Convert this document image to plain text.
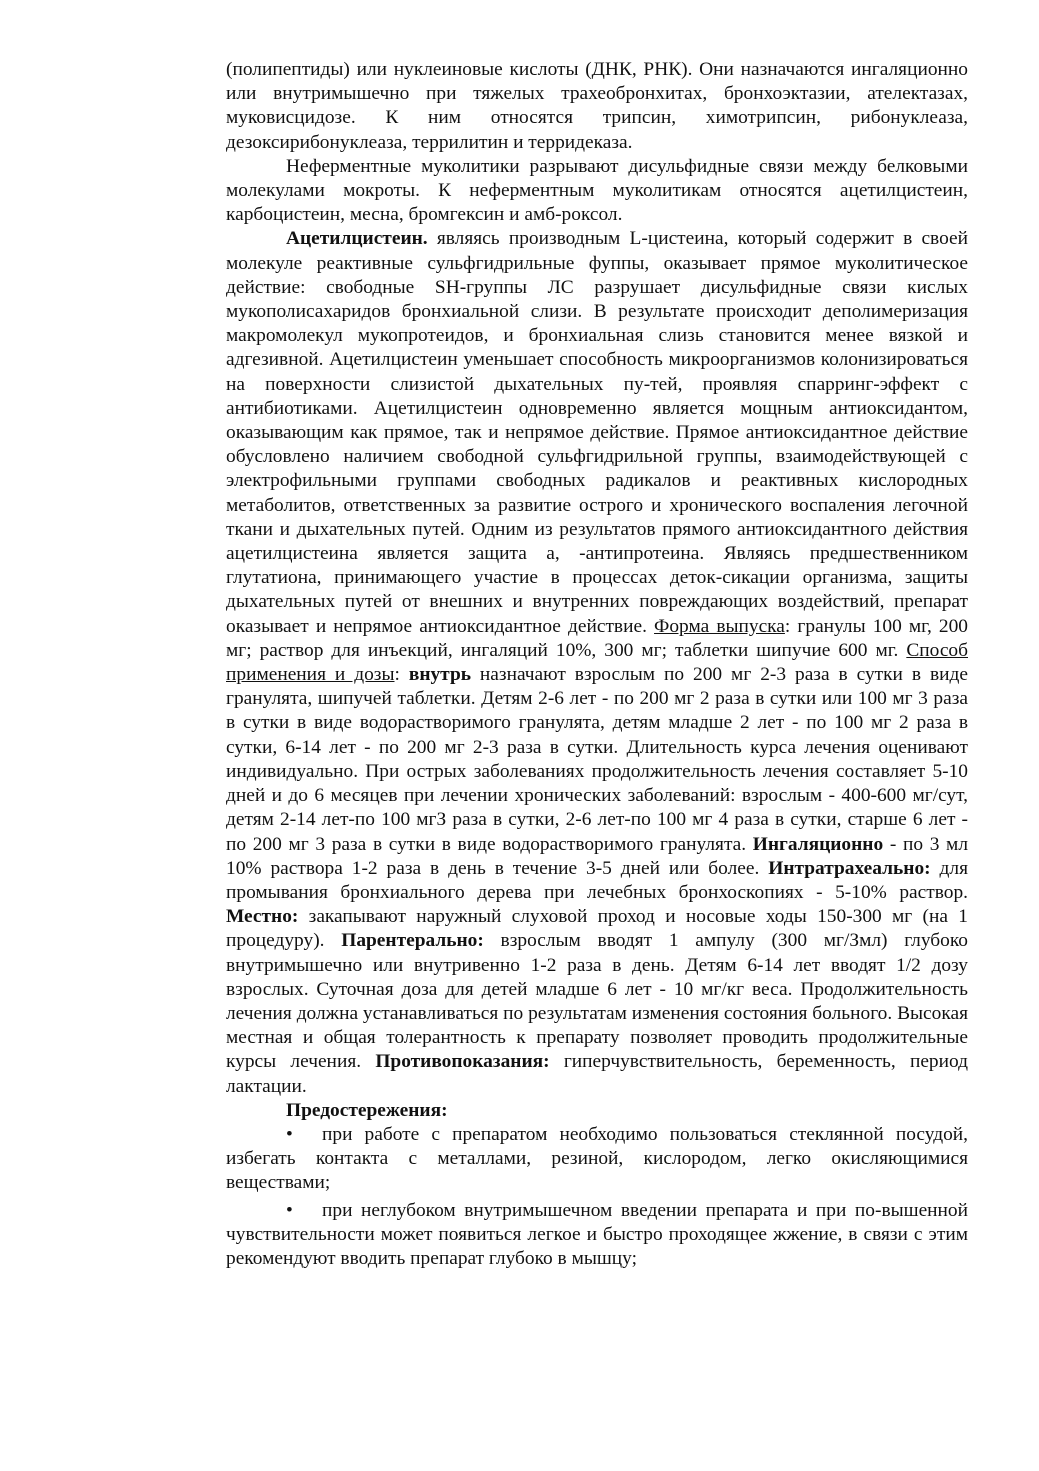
(полипептиды) или нуклеиновые кислоты (ДНК, РНК). Они назначаются ингаляционно или внутримышечно при тяжелых трахеобронхитах, бронхоэктазии, ателектазах, муковисцидозе. К ним относятся трипсин, химотрипсин, рибонуклеаза, дезоксирибонуклеаза, террилитин и терридеказа.

Неферментные муколитики разрывают дисульфидные связи между белковыми молекулами мокроты. К неферментным муколитикам относятся ацетилцистеин, карбоцистеин, месна, бромгексин и амб-роксол.

Ацетилцистеин. являясь производным L-цистеина, который содержит в своей молекуле реактивные сульфгидрильные фуппы, оказывает прямое муколитическое действие: свободные SH-группы ЛС разрушает дисульфидные связи кислых мукополисахаридов бронхиальной слизи. В результате происходит деполимеризация макромолекул мукопротеидов, и бронхиальная слизь становится менее вязкой и адгезивной. Ацетилцистеин уменьшает способность микроорганизмов колонизироваться на поверхности слизистой дыхательных пу-тей, проявляя спарринг-эффект с антибиотиками. Ацетилцистеин одновременно является мощным антиоксидантом, оказывающим как прямое, так и непрямое действие. Прямое антиоксидантное действие обусловлено наличием свободной сульфгидрильной группы, взаимодействующей с электрофильными группами свободных радикалов и реактивных кислородных метаболитов, ответственных за развитие острого и хронического воспаления легочной ткани и дыхательных путей. Одним из результатов прямого антиоксидантного действия ацетилцистеина является защита а, -антипротеина. Являясь предшественником глутатиона, принимающего участие в процессах деток-сикации организма, защиты дыхательных путей от внешних и внутренних повреждающих воздействий, препарат оказывает и непрямое антиоксидантное действие. Форма выпуска: гранулы 100 мг, 200 мг; раствор для инъекций, ингаляций 10%, 300 мг; таблетки шипучие 600 мг. Способ применения и дозы: внутрь назначают взрослым по 200 мг 2-3 раза в сутки в виде гранулята, шипучей таблетки. Детям 2-6 лет - по 200 мг 2 раза в сутки или 100 мг 3 раза в сутки в виде водорастворимого гранулята, детям младше 2 лет - по 100 мг 2 раза в сутки, 6-14 лет - по 200 мг 2-3 раза в сутки. Длительность курса лечения оценивают индивидуально. При острых заболеваниях продолжительность лечения составляет 5-10 дней и до 6 месяцев при лечении хронических заболеваний: взрослым - 400-600 мг/сут, детям 2-14 лет-по 100 мгЗ раза в сутки, 2-6 лет-по 100 мг 4 раза в сутки, старше 6 лет - по 200 мг 3 раза в сутки в виде водорастворимого гранулята. Ингаляционно - по 3 мл 10% раствора 1-2 раза в день в течение 3-5 дней или более. Интратрахеально: для промывания бронхиального дерева при лечебных бронхоскопиях - 5-10% раствор. Местно: закапывают наружный слуховой проход и носовые ходы 150-300 мг (на 1 процедуру). Парентерально: взрослым вводят 1 ампулу (300 мг/Змл) глубоко внутримышечно или внутривенно 1-2 раза в день. Детям 6-14 лет вводят 1/2 дозу взрослых. Суточная доза для детей младше 6 лет - 10 мг/кг веса. Продолжительность лечения должна устанавливаться по результатам изменения состояния больного. Высокая местная и общая толерантность к препарату позволяет проводить продолжительные курсы лечения. Противопоказания: гиперчувствительность, беременность, период лактации.

Предостережения:

• при работе с препаратом необходимо пользоваться стеклянной посудой, избегать контакта с металлами, резиной, кислородом, легко окисляющимися веществами;

• при неглубоком внутримышечном введении препарата и при по-вышенной чувствительности может появиться легкое и быстро проходящее жжение, в связи с этим рекомендуют вводить препарат глубоко в мышцу;
